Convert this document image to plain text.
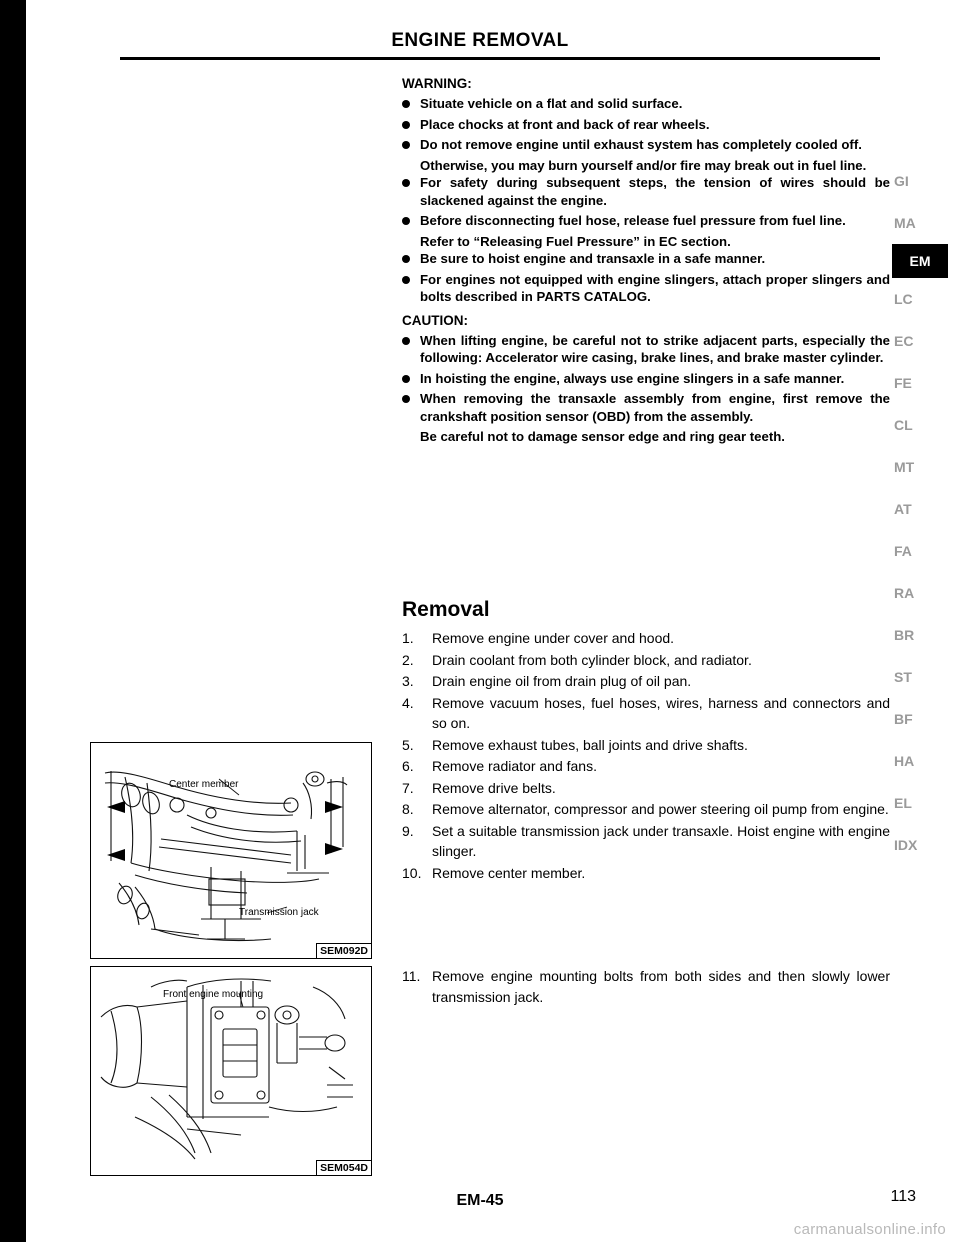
ENGINE REMOVAL
WARNING:
Situate vehicle on a flat and solid surface.
Place chocks at front and back of rear wheels.
Do not remove engine until exhaust system has completely cooled off.
Otherwise, you may burn yourself and/or fire may break out in fuel line.
For safety during subsequent steps, the tension of wires should be slackened against the engine.
Before disconnecting fuel hose, release fuel pressure from fuel line.
Refer to “Releasing Fuel Pressure” in EC section.
Be sure to hoist engine and transaxle in a safe manner.
For engines not equipped with engine slingers, attach proper slingers and bolts described in PARTS CATALOG.
CAUTION:
When lifting engine, be careful not to strike adjacent parts, especially the following: Accelerator wire casing, brake lines, and brake master cylinder.
In hoisting the engine, always use engine slingers in a safe manner.
When removing the transaxle assembly from engine, first remove the crankshaft position sensor (OBD) from the assembly.
Be careful not to damage sensor edge and ring gear teeth.
Removal
1.	Remove engine under cover and hood.
2.	Drain coolant from both cylinder block, and radiator.
3.	Drain engine oil from drain plug of oil pan.
4.	Remove vacuum hoses, fuel hoses, wires, harness and connectors and so on.
5.	Remove exhaust tubes, ball joints and drive shafts.
6.	Remove radiator and fans.
7.	Remove drive belts.
8.	Remove alternator, compressor and power steering oil pump from engine.
9.	Set a suitable transmission jack under transaxle. Hoist engine with engine slinger.
10. Remove center member.
11. Remove engine mounting bolts from both sides and then slowly lower transmission jack.
Center member
Transmission jack
SEM092D
Front engine mounting
SEM054D
GI
MA
EM
LC
EC
FE
CL
MT
AT
FA
RA
BR
ST
BF
HA
EL
IDX
EM-45	113
carmanualsonline.info
